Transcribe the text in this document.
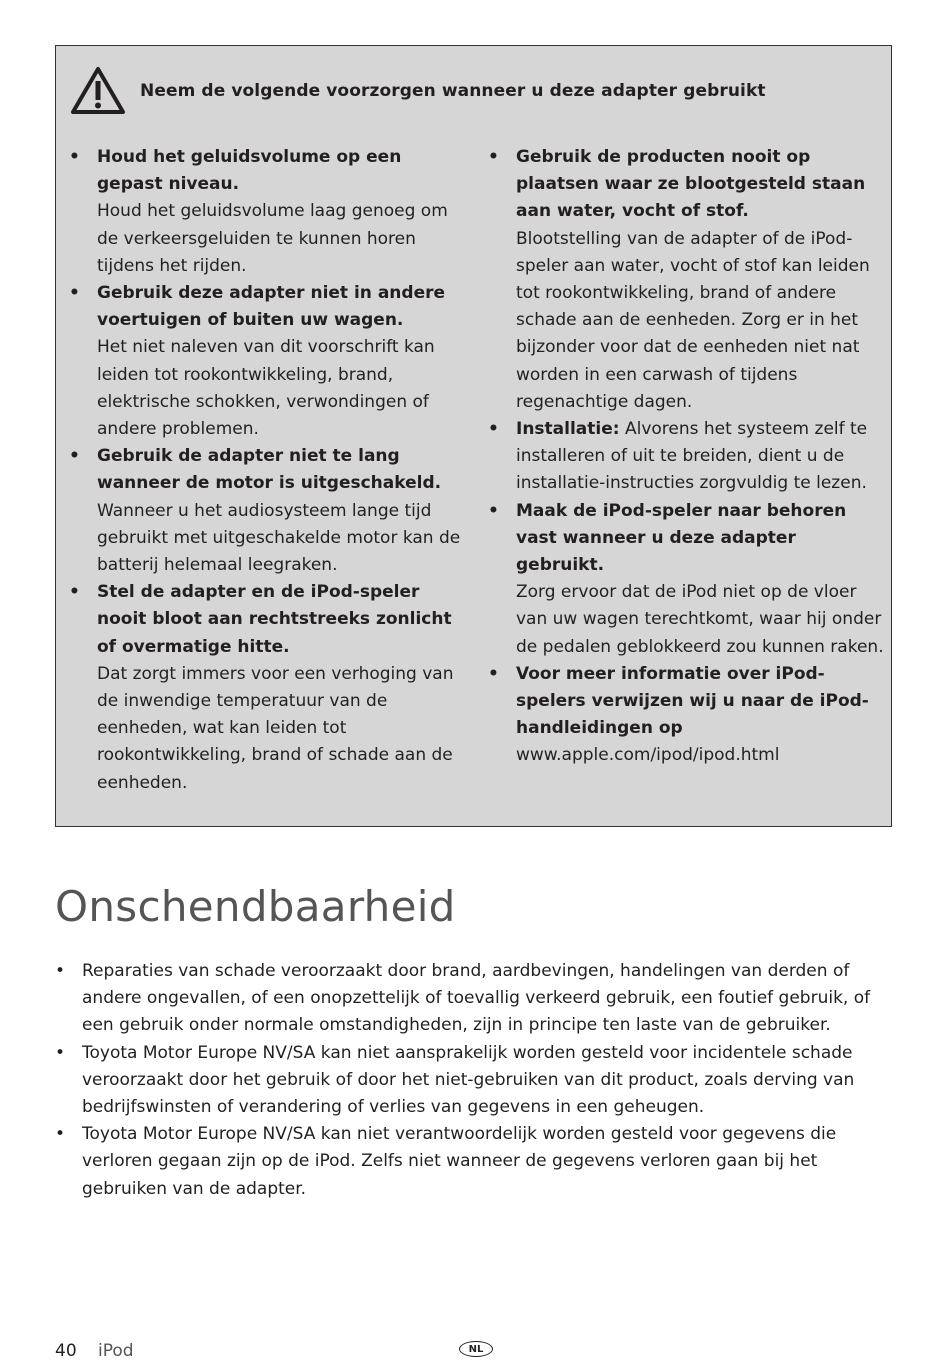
Neem de volgende voorzorgen wanneer u deze adapter gebruikt
• Houd het geluidsvolume op een gepast niveau.
Houd het geluidsvolume laag genoeg om de verkeersgeluiden te kunnen horen tijdens het rijden.
• Gebruik deze adapter niet in andere voertuigen of buiten uw wagen.
Het niet naleven van dit voorschrift kan leiden tot rookontwikkeling, brand, elektrische schokken, verwondingen of andere problemen.
• Gebruik de adapter niet te lang wanneer de motor is uitgeschakeld.
Wanneer u het audiosysteem lange tijd gebruikt met uitgeschakelde motor kan de batterij helemaal leegraken.
• Stel de adapter en de iPod-speler nooit bloot aan rechtstreeks zonlicht of overmatige hitte.
Dat zorgt immers voor een verhoging van de inwendige temperatuur van de eenheden, wat kan leiden tot rookontwikkeling, brand of schade aan de eenheden.
• Gebruik de producten nooit op plaatsen waar ze blootgesteld staan aan water, vocht of stof.
Blootstelling van de adapter of de iPod-speler aan water, vocht of stof kan leiden tot rookontwikkeling, brand of andere schade aan de eenheden. Zorg er in het bijzonder voor dat de eenheden niet nat worden in een carwash of tijdens regenachtige dagen.
• Installatie: Alvorens het systeem zelf te installeren of uit te breiden, dient u de installatie-instructies zorgvuldig te lezen.
• Maak de iPod-speler naar behoren vast wanneer u deze adapter gebruikt.
Zorg ervoor dat de iPod niet op de vloer van uw wagen terechtkomt, waar hij onder de pedalen geblokkeerd zou kunnen raken.
• Voor meer informatie over iPod-spelers verwijzen wij u naar de iPod-handleidingen op
www.apple.com/ipod/ipod.html
Onschendbaarheid
• Reparaties van schade veroorzaakt door brand, aardbevingen, handelingen van derden of andere ongevallen, of een onopzettelijk of toevallig verkeerd gebruik, een foutief gebruik, of een gebruik onder normale omstandigheden, zijn in principe ten laste van de gebruiker.
• Toyota Motor Europe NV/SA kan niet aansprakelijk worden gesteld voor incidentele schade veroorzaakt door het gebruik of door het niet-gebruiken van dit product, zoals derving van bedrijfswinsten of verandering of verlies van gegevens in een geheugen.
• Toyota Motor Europe NV/SA kan niet verantwoordelijk worden gesteld voor gegevens die verloren gegaan zijn op de iPod. Zelfs niet wanneer de gegevens verloren gaan bij het gebruiken van de adapter.
40 iPod	NL
